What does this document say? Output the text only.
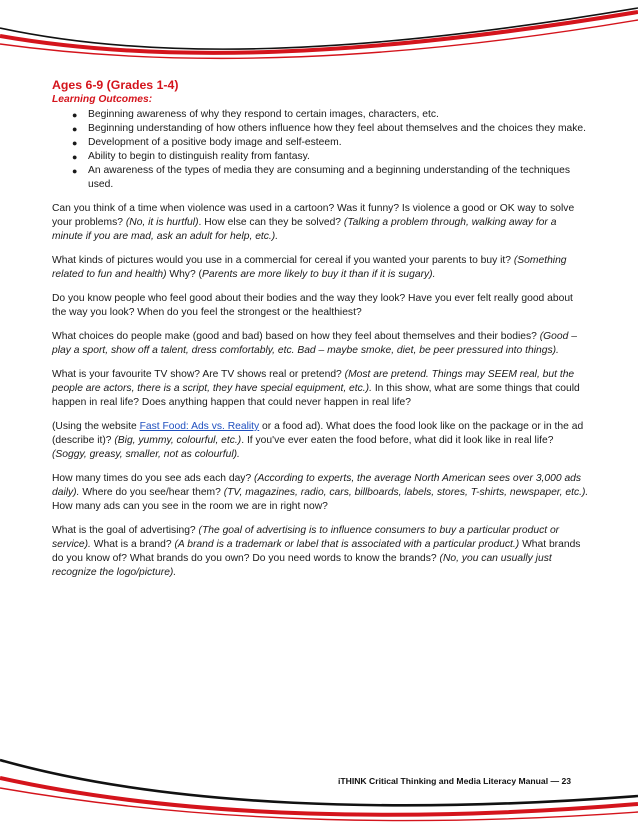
Ages 6-9 (Grades 1-4)
Learning Outcomes:
● Beginning awareness of why they respond to certain images, characters, etc.
● Beginning understanding of how others influence how they feel about themselves and the choices they make.
● Development of a positive body image and self-esteem.
● Ability to begin to distinguish reality from fantasy.
● An awareness of the types of media they are consuming and a beginning understanding of the techniques used.

Can you think of a time when violence was used in a cartoon? Was it funny? Is violence a good or OK way to solve your problems? (No, it is hurtful). How else can they be solved? (Talking a problem through, walking away for a minute if you are mad, ask an adult for help, etc.).

What kinds of pictures would you use in a commercial for cereal if you wanted your parents to buy it? (Something related to fun and health) Why? (Parents are more likely to buy it than if it is sugary).

Do you know people who feel good about their bodies and the way they look? Have you ever felt really good about the way you look? When do you feel the strongest or the healthiest?

What choices do people make (good and bad) based on how they feel about themselves and their bodies? (Good – play a sport, show off a talent, dress comfortably, etc. Bad – maybe smoke, diet, be peer pressured into things).

What is your favourite TV show? Are TV shows real or pretend? (Most are pretend. Things may SEEM real, but the people are actors, there is a script, they have special equipment, etc.). In this show, what are some things that could happen in real life? Does anything happen that could never happen in real life?

(Using the website Fast Food: Ads vs. Reality or a food ad). What does the food look like on the package or in the ad (describe it)? (Big, yummy, colourful, etc.). If you've ever eaten the food before, what did it look like in real life? (Soggy, greasy, smaller, not as colourful).

How many times do you see ads each day? (According to experts, the average North American sees over 3,000 ads daily). Where do you see/hear them? (TV, magazines, radio, cars, billboards, labels, stores, T-shirts, newspaper, etc.). How many ads can you see in the room we are in right now?

What is the goal of advertising? (The goal of advertising is to influence consumers to buy a particular product or service). What is a brand? (A brand is a trademark or label that is associated with a particular product.) What brands do you know of? What brands do you own? Do you need words to know the brands? (No, you can usually just recognize the logo/picture).

iTHINK Critical Thinking and Media Literacy Manual — 23
